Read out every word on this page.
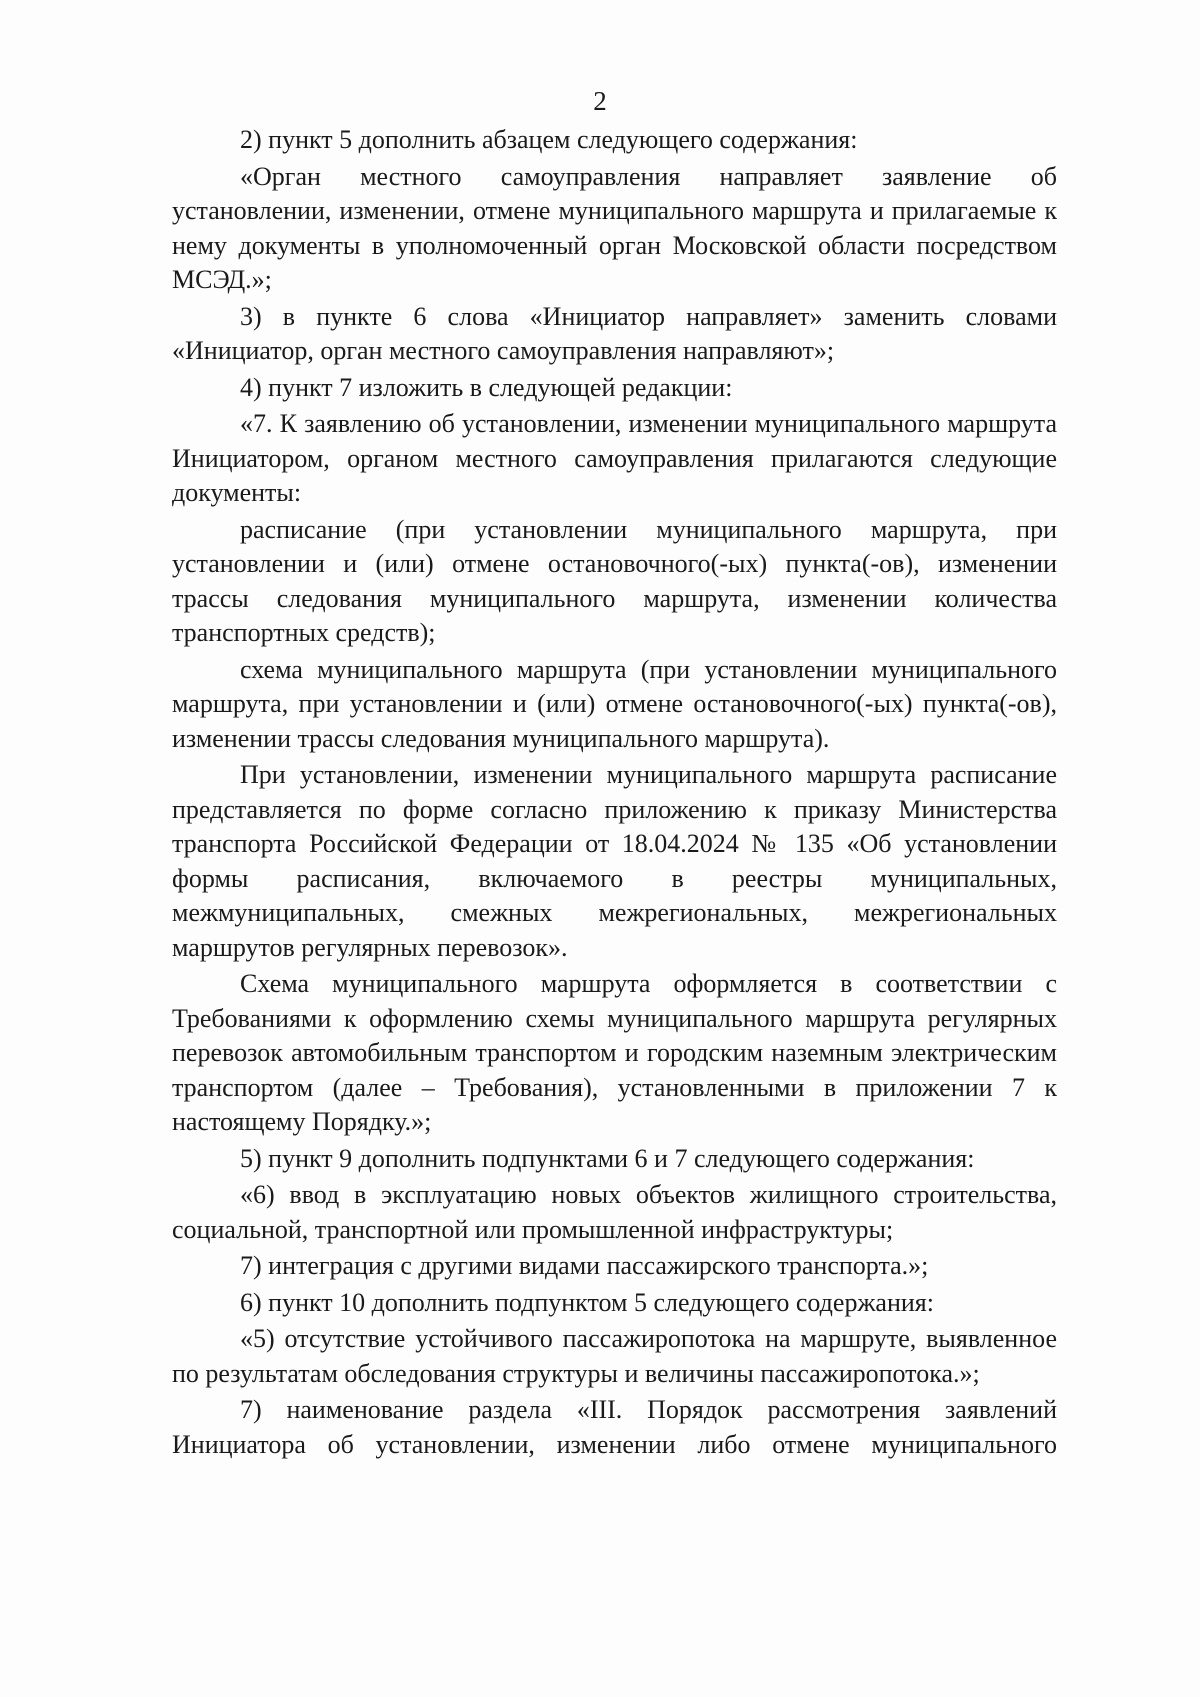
2

2) пункт 5 дополнить абзацем следующего содержания:

«Орган местного самоуправления направляет заявление об установлении, изменении, отмене муниципального маршрута и прилагаемые к нему документы в уполномоченный орган Московской области посредством МСЭД.»;

3) в пункте 6 слова «Инициатор направляет» заменить словами «Инициатор, орган местного самоуправления направляют»;

4) пункт 7 изложить в следующей редакции:

«7. К заявлению об установлении, изменении муниципального маршрута Инициатором, органом местного самоуправления прилагаются следующие документы:

расписание (при установлении муниципального маршрута, при установлении и (или) отмене остановочного(-ых) пункта(-ов), изменении трассы следования муниципального маршрута, изменении количества транспортных средств);

схема муниципального маршрута (при установлении муниципального маршрута, при установлении и (или) отмене остановочного(-ых) пункта(-ов), изменении трассы следования муниципального маршрута).

При установлении, изменении муниципального маршрута расписание представляется по форме согласно приложению к приказу Министерства транспорта Российской Федерации от 18.04.2024 № 135 «Об установлении формы расписания, включаемого в реестры муниципальных, межмуниципальных, смежных межрегиональных, межрегиональных маршрутов регулярных перевозок».

Схема муниципального маршрута оформляется в соответствии с Требованиями к оформлению схемы муниципального маршрута регулярных перевозок автомобильным транспортом и городским наземным электрическим транспортом (далее – Требования), установленными в приложении 7 к настоящему Порядку.»;

5) пункт 9 дополнить подпунктами 6 и 7 следующего содержания:

«6) ввод в эксплуатацию новых объектов жилищного строительства, социальной, транспортной или промышленной инфраструктуры;

7) интеграция с другими видами пассажирского транспорта.»;

6) пункт 10 дополнить подпунктом 5 следующего содержания:

«5) отсутствие устойчивого пассажиропотока на маршруте, выявленное по результатам обследования структуры и величины пассажиропотока.»;

7) наименование раздела «III. Порядок рассмотрения заявлений Инициатора об установлении, изменении либо отмене муниципального
